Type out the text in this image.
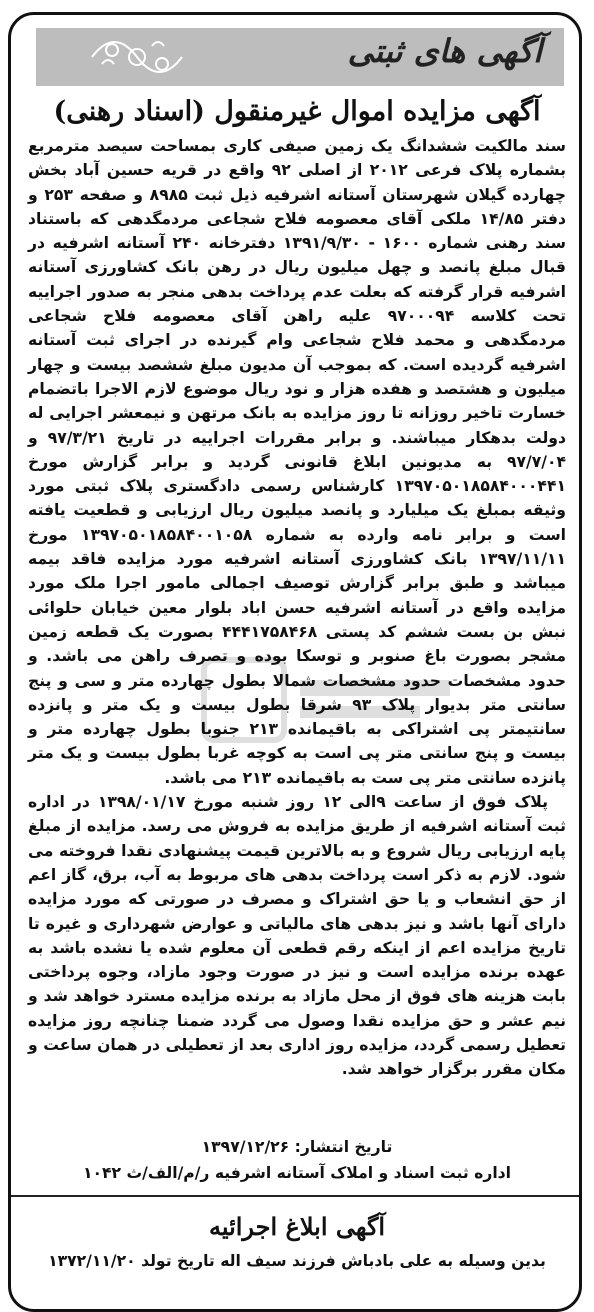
آگهی های ثبتی
آگهی مزایده اموال غیرمنقول (اسناد رهنی)

سند مالکیت ششدانگ یک زمین صیفی کاری بمساحت سیصد مترمربع بشماره پلاک فرعی ۲۰۱۲ از اصلی ۹۲ واقع در قریه حسین آباد بخش چهارده گیلان شهرستان آستانه اشرفیه ذیل ثبت ۸۹۸۵ و صفحه ۲۵۳ و دفتر ۱۴/۸۵ ملکی آقای معصومه فلاح شجاعی مردمگدهی که باستناد سند رهنی شماره ۱۶۰۰ - ۱۳۹۱/۹/۳۰ دفترخانه ۲۴۰ آستانه اشرفیه در قبال مبلغ پانصد و چهل میلیون ریال در رهن بانک کشاورزی آستانه اشرفیه قرار گرفته که بعلت عدم پرداخت بدهی منجر به صدور اجراییه تحت کلاسه ۹۷۰۰۰۹۴ علیه راهن آقای معصومه فلاح شجاعی مردمگدهی و محمد فلاح شجاعی وام گیرنده در اجرای ثبت آستانه اشرفیه گردیده است. که بموجب آن مدیون مبلغ ششصد بیست و چهار میلیون و هشتصد و هفده هزار و نود ریال موضوع لازم الاجرا باتضمام خسارت تاخیر روزانه تا روز مزایده به بانک مرتهن و نیمعشر اجرایی له دولت بدهکار میباشند. و برابر مقررات اجراییه در تاریخ ۹۷/۳/۲۱ و ۹۷/۷/۰۴ به مدیونین ابلاغ قانونی گردید و برابر گزارش مورخ ۱۳۹۷۰۵۰۱۸۵۸۴۰۰۰۴۴۱ کارشناس رسمی دادگستری پلاک ثبتی مورد وثیقه بمبلغ یک میلیارد و پانصد میلیون ریال ارزیابی و قطعیت یافته است و برابر نامه وارده به شماره ۱۳۹۷۰۵۰۱۸۵۸۴۰۰۱۰۵۸ مورخ ۱۳۹۷/۱۱/۱۱ بانک کشاورزی آستانه اشرفیه مورد مزایده فاقد بیمه میباشد و طبق برابر گزارش توصیف اجمالی مامور اجرا ملک مورد مزایده واقع در آستانه اشرفیه حسن اباد بلوار معین خیابان حلوائی نبش بن بست ششم کد پستی ۴۴۴۱۷۵۸۴۶۸ بصورت یک قطعه زمین مشجر بصورت باغ صنوبر و توسکا بوده و تصرف راهن می باشد. و حدود مشخصات حدود مشخصات شمالا بطول چهارده متر و سی و پنج سانتی متر بدیوار پلاک ۹۳ شرقا بطول بیست و یک متر و پانزده سانتیمتر پی اشتراکی به باقیمانده ۲۱۳ جنوبا بطول چهارده متر و بیست و پنج سانتی متر پی است به کوچه غربا بطول بیست و یک متر پانزده سانتی متر پی ست به باقیمانده ۲۱۳ می باشد.

پلاک فوق از ساعت ۹الی ۱۲ روز شنبه مورخ ۱۳۹۸/۰۱/۱۷ در اداره ثبت آستانه اشرفیه از طریق مزایده به فروش می رسد. مزایده از مبلغ پایه ارزیابی ریال شروع و به بالاترین قیمت پیشنهادی نقدا فروخته می شود. لازم به ذکر است پرداخت بدهی های مربوط به آب، برق، گاز اعم از حق انشعاب و یا حق اشتراک و مصرف در صورتی که مورد مزایده دارای آنها باشد و نیز بدهی های مالیاتی و عوارض شهرداری و غیره تا تاریخ مزایده اعم از اینکه رقم قطعی آن معلوم شده یا نشده باشد به عهده برنده مزایده است و نیز در صورت وجود مازاد، وجوه پرداختی بابت هزینه های فوق از محل مازاد به برنده مزایده مسترد خواهد شد و نیم عشر و حق مزایده نقدا وصول می گردد ضمنا چنانچه روز مزایده تعطیل رسمی گردد، مزایده روز اداری بعد از تعطیلی در همان ساعت و مکان مقرر برگزار خواهد شد.

تاریخ انتشار: ۱۳۹۷/۱۲/۲۶
اداره ثبت اسناد و املاک آستانه اشرفیه ر/م/الف/ث ۱۰۴۲
آگهی ابلاغ اجرائیه
بدین وسیله به علی بادباش فرزند سیف اله تاریخ تولد ۱۳۷۲/۱۱/۲۰
